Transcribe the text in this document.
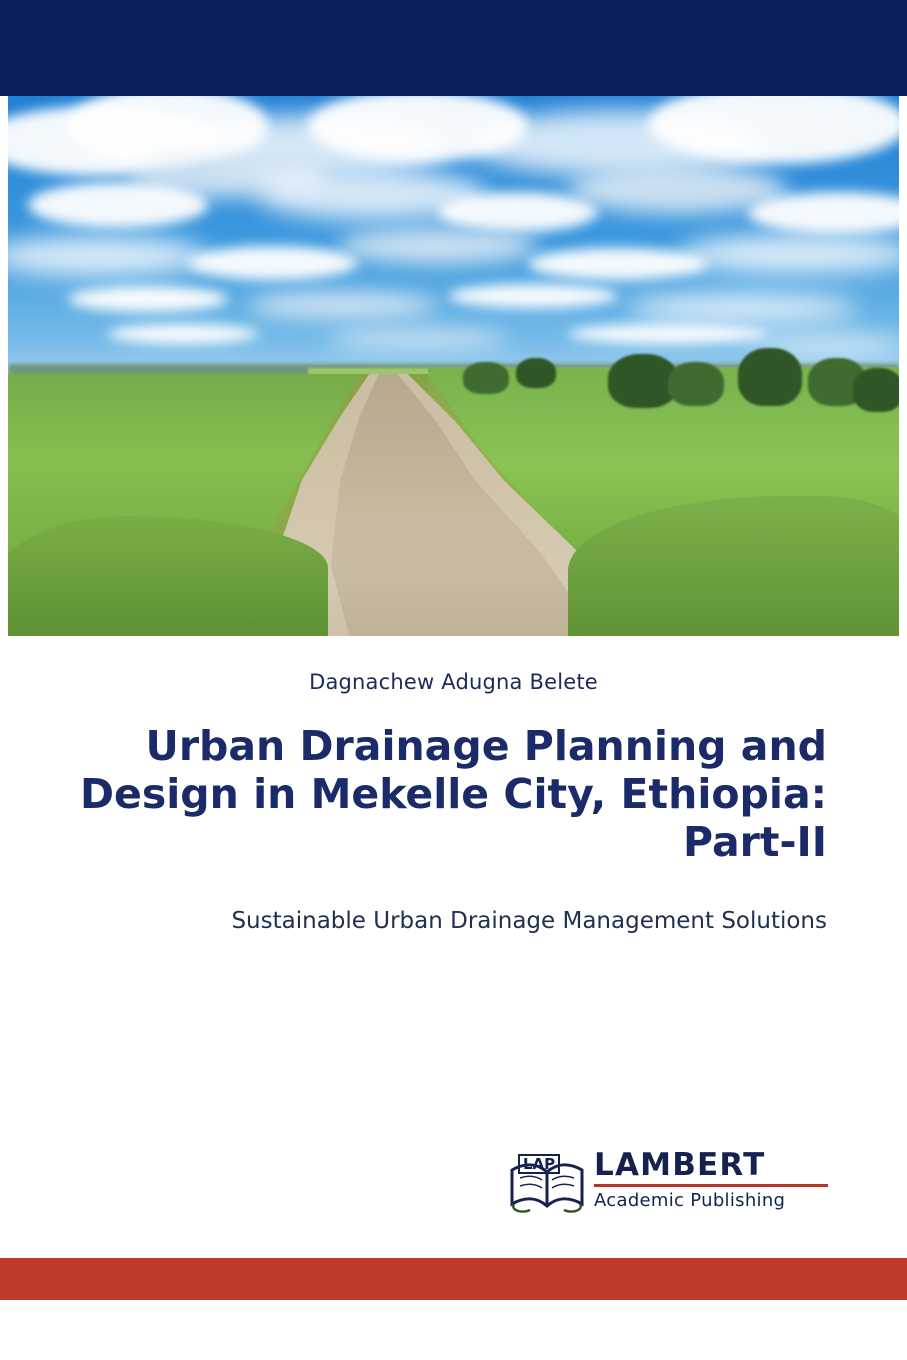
Dagnachew Adugna Belete
Urban Drainage Planning and Design in Mekelle City, Ethiopia: Part-II
Sustainable Urban Drainage Management Solutions
LAP LAMBERT
Academic Publishing
